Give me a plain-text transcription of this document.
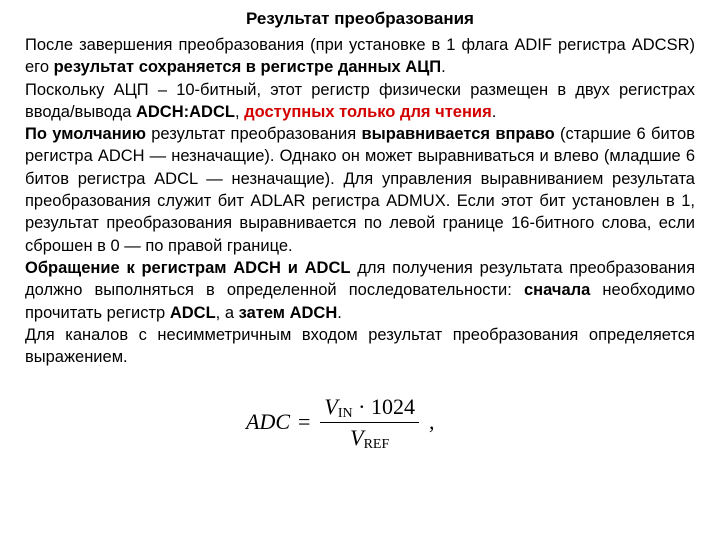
Результат преобразования

После завершения преобразования (при установке в 1 флага ADIF регистра ADCSR) его результат сохраняется в регистре данных АЦП.

Поскольку АЦП – 10-битный, этот регистр физически размещен в двух регистрах ввода/вывода ADCH:ADCL, доступных только для чтения.

По умолчанию результат преобразования выравнивается вправо (старшие 6 битов регистра ADCH — незначащие). Однако он может выравниваться и влево (младшие 6 битов регистра ADCL — незначащие). Для управления выравниванием результата преобразования служит бит ADLAR регистра ADMUX. Если этот бит установлен в 1, результат преобразования выравнивается по левой границе 16-битного слова, если сброшен в 0 — по правой границе.

Обращение к регистрам ADCH и ADCL для получения результата преобразования должно выполняться в определенной последовательности: сначала необходимо прочитать регистр ADCL, а затем ADCH.

Для каналов с несимметричным входом результат преобразования определяется выражением.

ADC = $\frac{\text{VIN · 1024}}{\text{VREF}}$ ,
